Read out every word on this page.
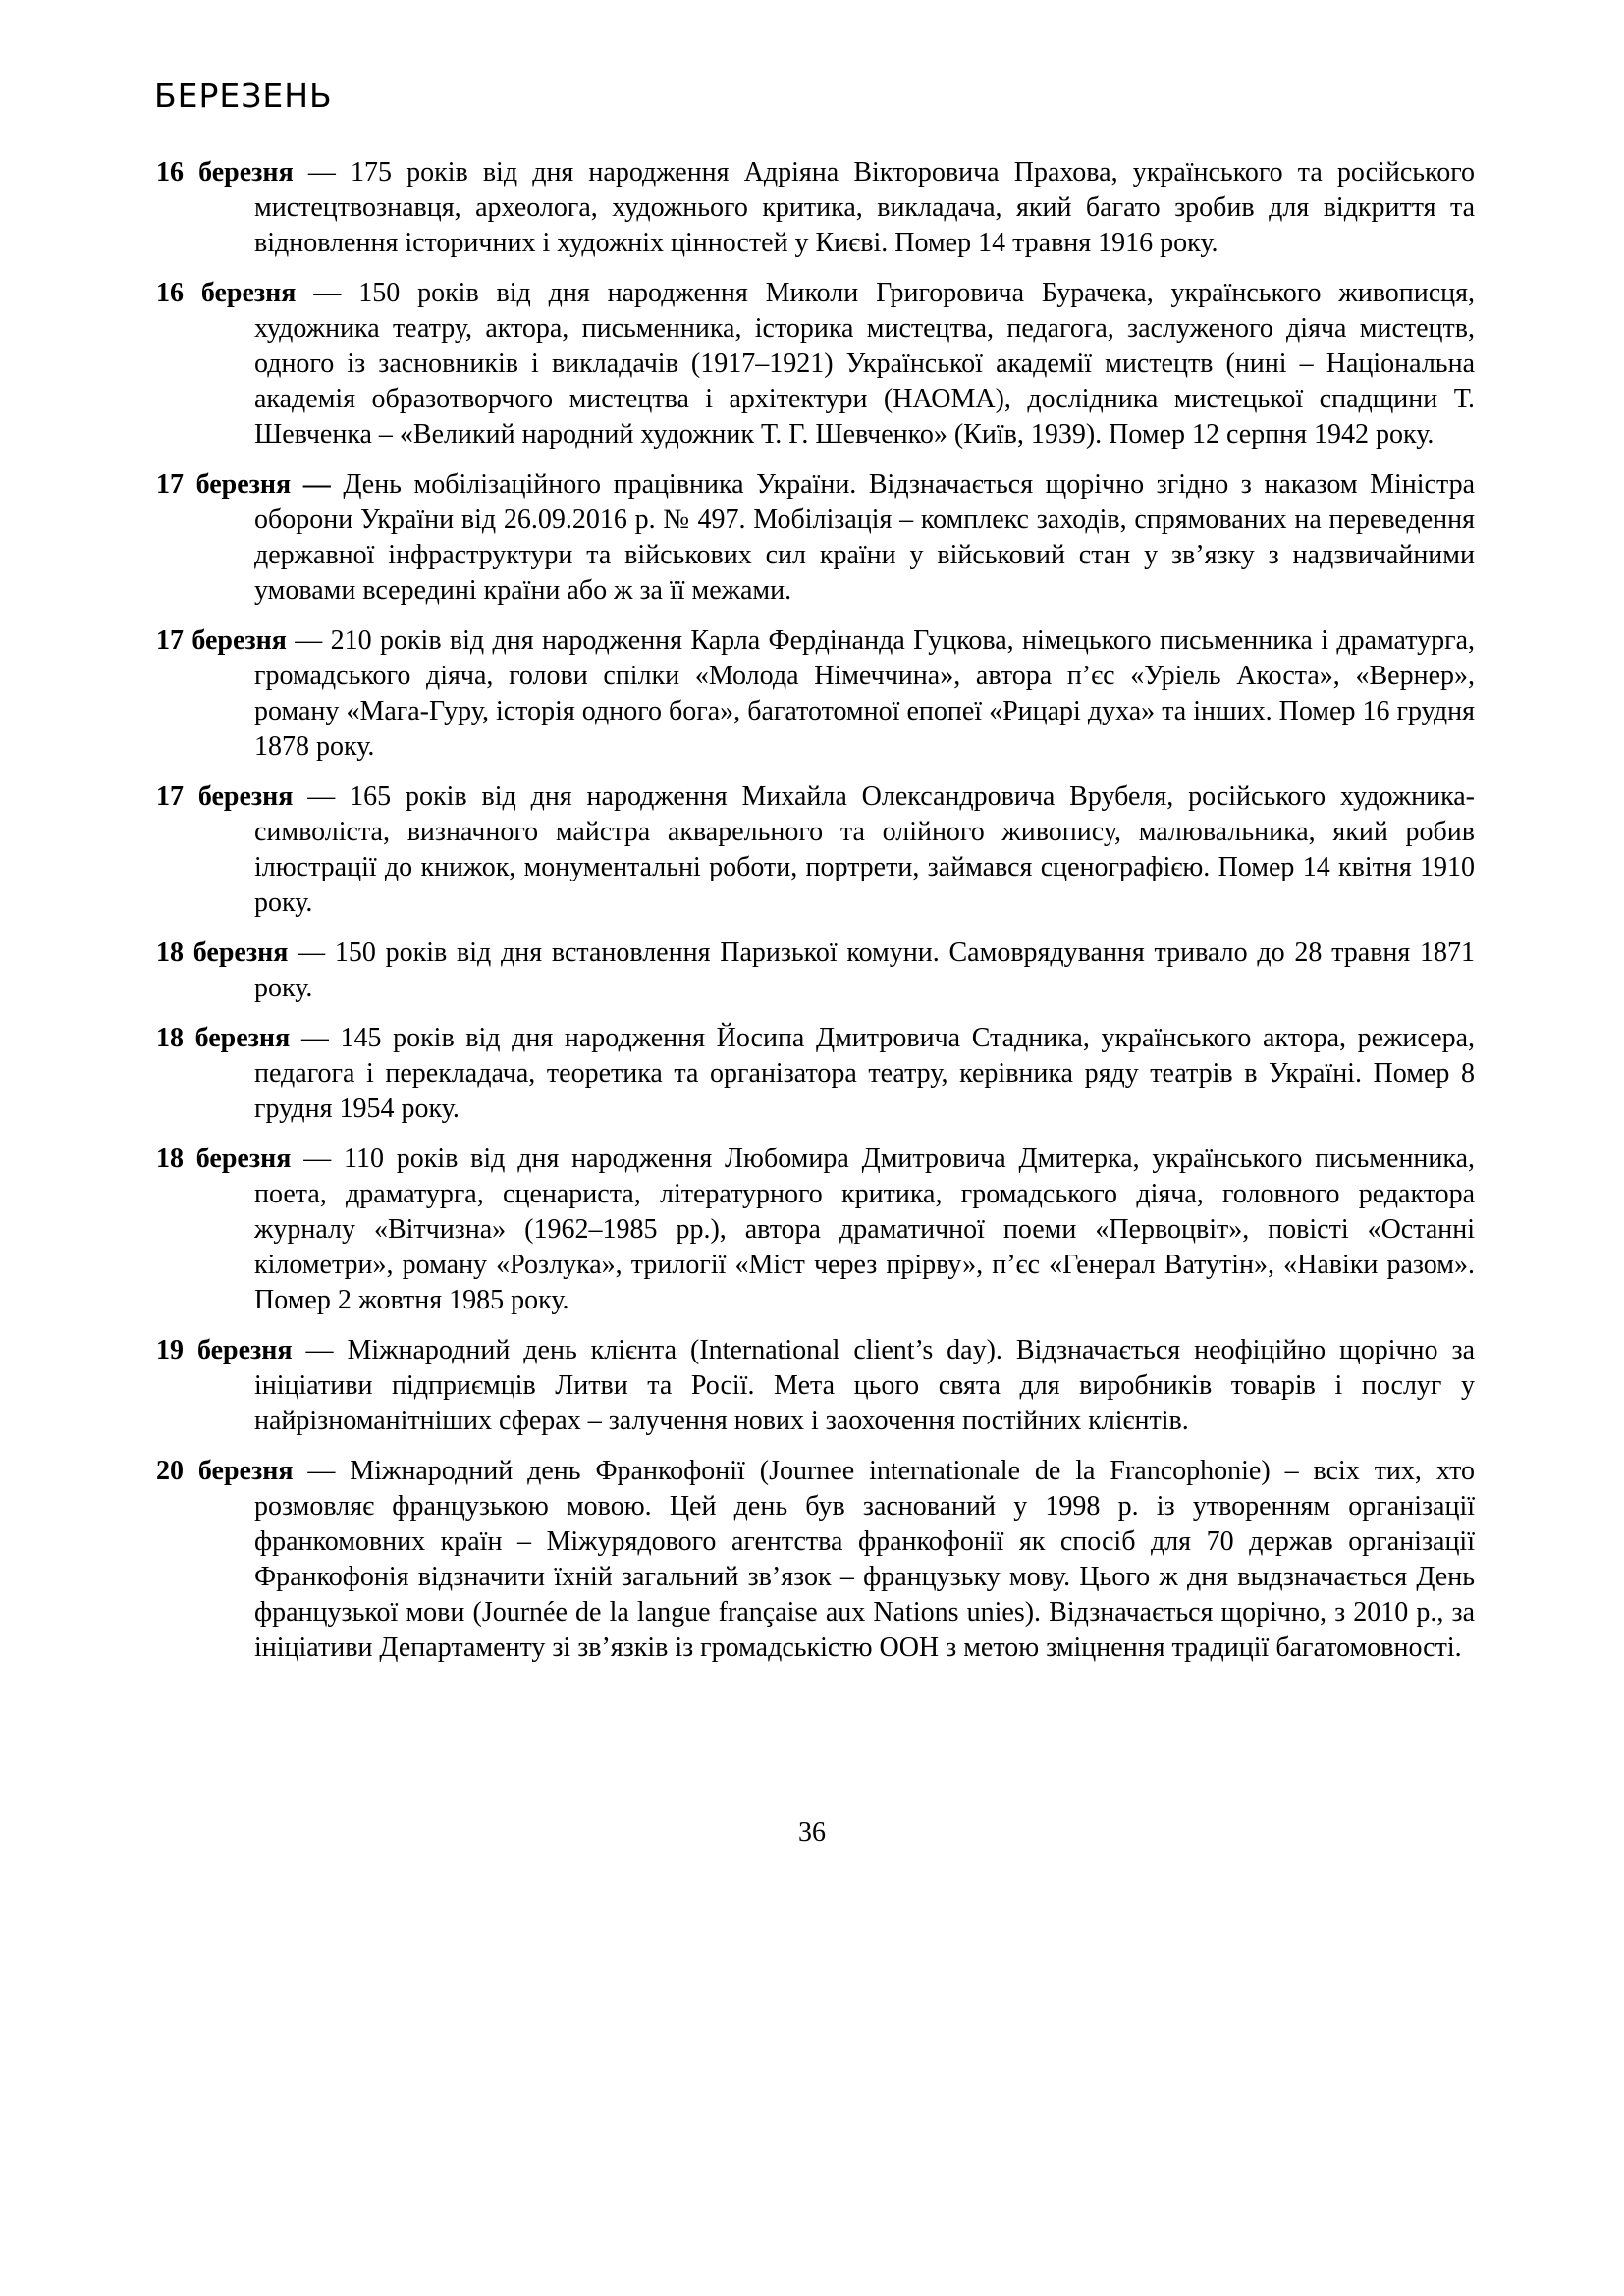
БЕРЕЗЕНЬ

16 березня — 175 років від дня народження Адріяна Вікторовича Прахова, українського та російського мистецтвознавця, археолога, художнього критика, викладача, який багато зробив для відкриття та відновлення історичних і художніх цінностей у Києві. Помер 14 травня 1916 року.

16 березня — 150 років від дня народження Миколи Григоровича Бурачека, українського живописця, художника театру, актора, письменника, історика мистецтва, педагога, заслуженого діяча мистецтв, одного із засновників і викладачів (1917–1921) Української академії мистецтв (нині – Національна академія образотворчого мистецтва і архітектури (НАОМА), дослідника мистецької спадщини Т. Шевченка – «Великий народний художник Т. Г. Шевченко» (Київ, 1939). Помер 12 серпня 1942 року.

17 березня — День мобілізаційного працівника України. Відзначається щорічно згідно з наказом Міністра оборони України від 26.09.2016 р. № 497. Мобілізація – комплекс заходів, спрямованих на переведення державної інфраструктури та військових сил країни у військовий стан у зв’язку з надзвичайними умовами всередині країни або ж за її межами.

17 березня — 210 років від дня народження Карла Фердінанда Гуцкова, німецького письменника і драматурга, громадського діяча, голови спілки «Молода Німеччина», автора п’єс «Уріель Акоста», «Вернер», роману «Мага-Гуру, історія одного бога», багатотомної епопеї «Рицарі духа» та інших. Помер 16 грудня 1878 року.

17 березня — 165 років від дня народження Михайла Олександровича Врубеля, російського художника-символіста, визначного майстра акварельного та олійного живопису, малювальника, який робив ілюстрації до книжок, монументальні роботи, портрети, займався сценографією. Помер 14 квітня 1910 року.

18 березня — 150 років від дня встановлення Паризької комуни. Самоврядування тривало до 28 травня 1871 року.

18 березня — 145 років від дня народження Йосипа Дмитровича Стадника, українського актора, режисера, педагога і перекладача, теоретика та організатора театру, керівника ряду театрів в Україні. Помер 8 грудня 1954 року.

18 березня — 110 років від дня народження Любомира Дмитровича Дмитерка, українського письменника, поета, драматурга, сценариста, літературного критика, громадського діяча, головного редактора журналу «Вітчизна» (1962–1985 рр.), автора драматичної поеми «Первоцвіт», повісті «Останні кілометри», роману «Розлука», трилогії «Міст через прірву», п’єс «Генерал Ватутін», «Навіки разом». Помер 2 жовтня 1985 року.

19 березня — Міжнародний день клієнта (International client’s day). Відзначається неофіційно щорічно за ініціативи підприємців Литви та Росії. Мета цього свята для виробників товарів і послуг у найрізноманітніших сферах – залучення нових і заохочення постійних клієнтів.

20 березня — Міжнародний день Франкофонії (Journee internationale de la Francophonie) – всіх тих, хто розмовляє французькою мовою. Цей день був заснований у 1998 р. із утворенням організації франкомовних країн – Міжурядового агентства франкофонії як спосіб для 70 держав організації Франкофонія відзначити їхній загальний зв’язок – французьку мову. Цього ж дня выдзначається День французької мови (Journée de la langue française aux Nations unies). Відзначається щорічно, з 2010 р., за ініціативи Департаменту зі зв’язків із громадськістю ООН з метою зміцнення традиції багатомовності.

36
